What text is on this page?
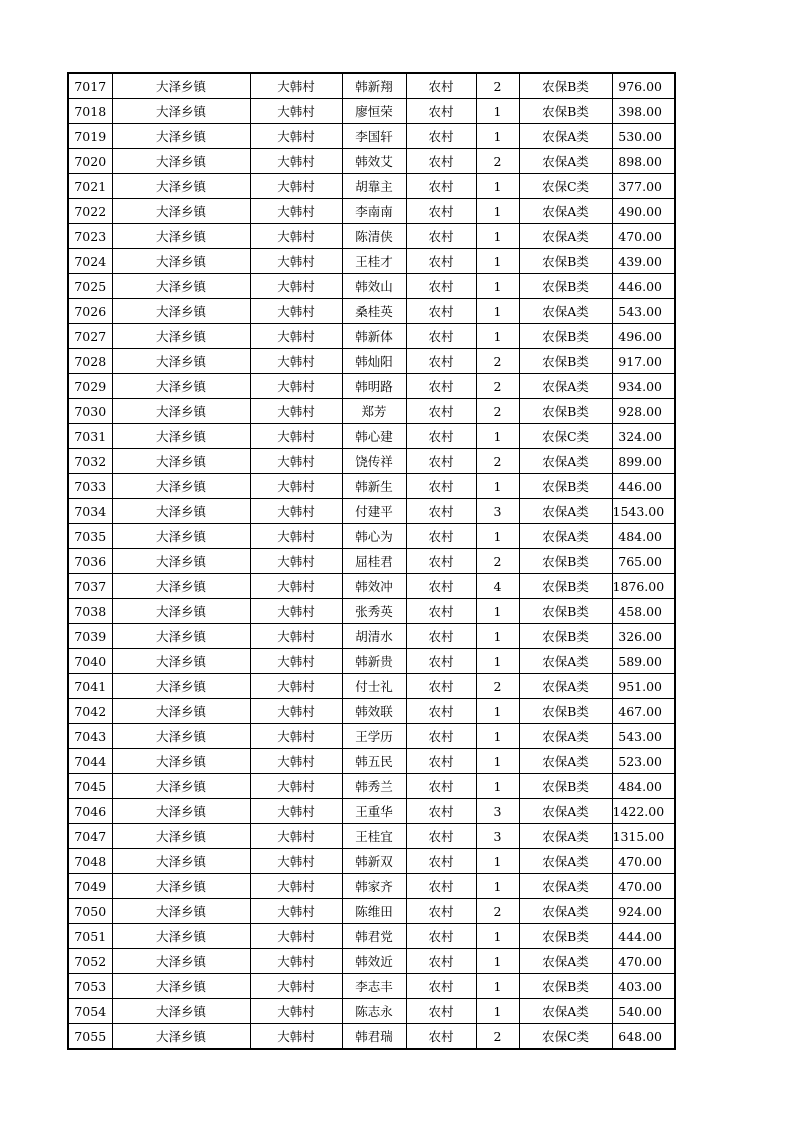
7017	大泽乡镇	大韩村	韩新翔	农村	2	农保B类	976.00
7018	大泽乡镇	大韩村	廖恒荣	农村	1	农保B类	398.00
7019	大泽乡镇	大韩村	李国轩	农村	1	农保A类	530.00
7020	大泽乡镇	大韩村	韩效艾	农村	2	农保A类	898.00
7021	大泽乡镇	大韩村	胡靠主	农村	1	农保C类	377.00
7022	大泽乡镇	大韩村	李南南	农村	1	农保A类	490.00
7023	大泽乡镇	大韩村	陈清侠	农村	1	农保A类	470.00
7024	大泽乡镇	大韩村	王桂才	农村	1	农保B类	439.00
7025	大泽乡镇	大韩村	韩效山	农村	1	农保B类	446.00
7026	大泽乡镇	大韩村	桑桂英	农村	1	农保A类	543.00
7027	大泽乡镇	大韩村	韩新体	农村	1	农保B类	496.00
7028	大泽乡镇	大韩村	韩灿阳	农村	2	农保B类	917.00
7029	大泽乡镇	大韩村	韩明路	农村	2	农保A类	934.00
7030	大泽乡镇	大韩村	郑芳	农村	2	农保B类	928.00
7031	大泽乡镇	大韩村	韩心建	农村	1	农保C类	324.00
7032	大泽乡镇	大韩村	饶传祥	农村	2	农保A类	899.00
7033	大泽乡镇	大韩村	韩新生	农村	1	农保B类	446.00
7034	大泽乡镇	大韩村	付建平	农村	3	农保A类	1543.00
7035	大泽乡镇	大韩村	韩心为	农村	1	农保A类	484.00
7036	大泽乡镇	大韩村	屈桂君	农村	2	农保B类	765.00
7037	大泽乡镇	大韩村	韩效冲	农村	4	农保B类	1876.00
7038	大泽乡镇	大韩村	张秀英	农村	1	农保B类	458.00
7039	大泽乡镇	大韩村	胡清水	农村	1	农保B类	326.00
7040	大泽乡镇	大韩村	韩新贵	农村	1	农保A类	589.00
7041	大泽乡镇	大韩村	付士礼	农村	2	农保A类	951.00
7042	大泽乡镇	大韩村	韩效联	农村	1	农保B类	467.00
7043	大泽乡镇	大韩村	王学历	农村	1	农保A类	543.00
7044	大泽乡镇	大韩村	韩五民	农村	1	农保A类	523.00
7045	大泽乡镇	大韩村	韩秀兰	农村	1	农保B类	484.00
7046	大泽乡镇	大韩村	王重华	农村	3	农保A类	1422.00
7047	大泽乡镇	大韩村	王桂宜	农村	3	农保A类	1315.00
7048	大泽乡镇	大韩村	韩新双	农村	1	农保A类	470.00
7049	大泽乡镇	大韩村	韩家齐	农村	1	农保A类	470.00
7050	大泽乡镇	大韩村	陈维田	农村	2	农保A类	924.00
7051	大泽乡镇	大韩村	韩君党	农村	1	农保B类	444.00
7052	大泽乡镇	大韩村	韩效近	农村	1	农保A类	470.00
7053	大泽乡镇	大韩村	李志丰	农村	1	农保B类	403.00
7054	大泽乡镇	大韩村	陈志永	农村	1	农保A类	540.00
7055	大泽乡镇	大韩村	韩君瑞	农村	2	农保C类	648.00
